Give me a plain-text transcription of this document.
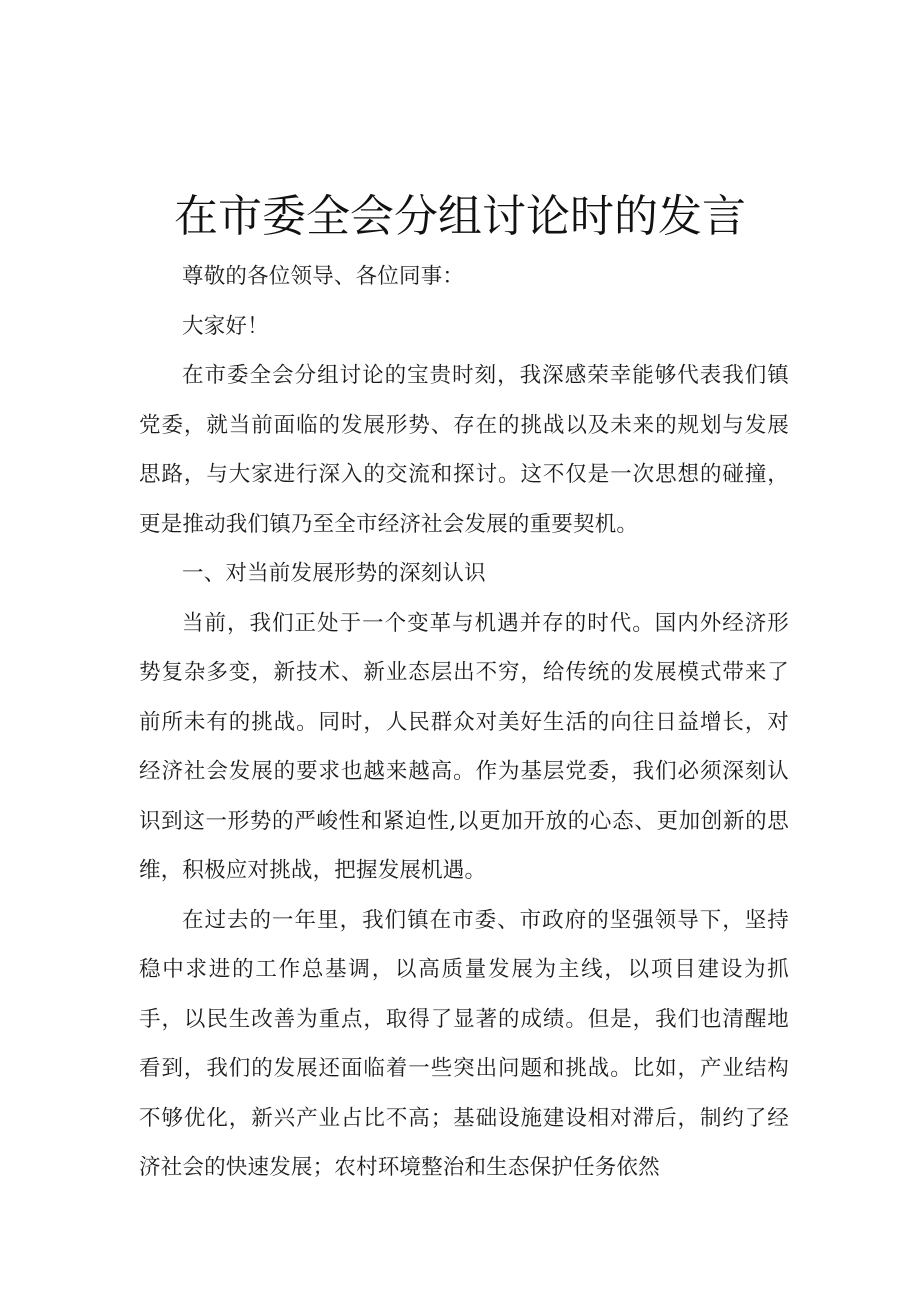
在市委全会分组讨论时的发言

尊敬的各位领导、各位同事：

大家好！

在市委全会分组讨论的宝贵时刻，我深感荣幸能够代表我们镇党委，就当前面临的发展形势、存在的挑战以及未来的规划与发展思路，与大家进行深入的交流和探讨。这不仅是一次思想的碰撞，更是推动我们镇乃至全市经济社会发展的重要契机。

一、对当前发展形势的深刻认识

当前，我们正处于一个变革与机遇并存的时代。国内外经济形势复杂多变，新技术、新业态层出不穷，给传统的发展模式带来了前所未有的挑战。同时，人民群众对美好生活的向往日益增长，对经济社会发展的要求也越来越高。作为基层党委，我们必须深刻认识到这一形势的严峻性和紧迫性,以更加开放的心态、更加创新的思维，积极应对挑战，把握发展机遇。

在过去的一年里，我们镇在市委、市政府的坚强领导下，坚持稳中求进的工作总基调，以高质量发展为主线，以项目建设为抓手，以民生改善为重点，取得了显著的成绩。但是，我们也清醒地看到，我们的发展还面临着一些突出问题和挑战。比如，产业结构不够优化，新兴产业占比不高；基础设施建设相对滞后，制约了经济社会的快速发展；农村环境整治和生态保护任务依然
